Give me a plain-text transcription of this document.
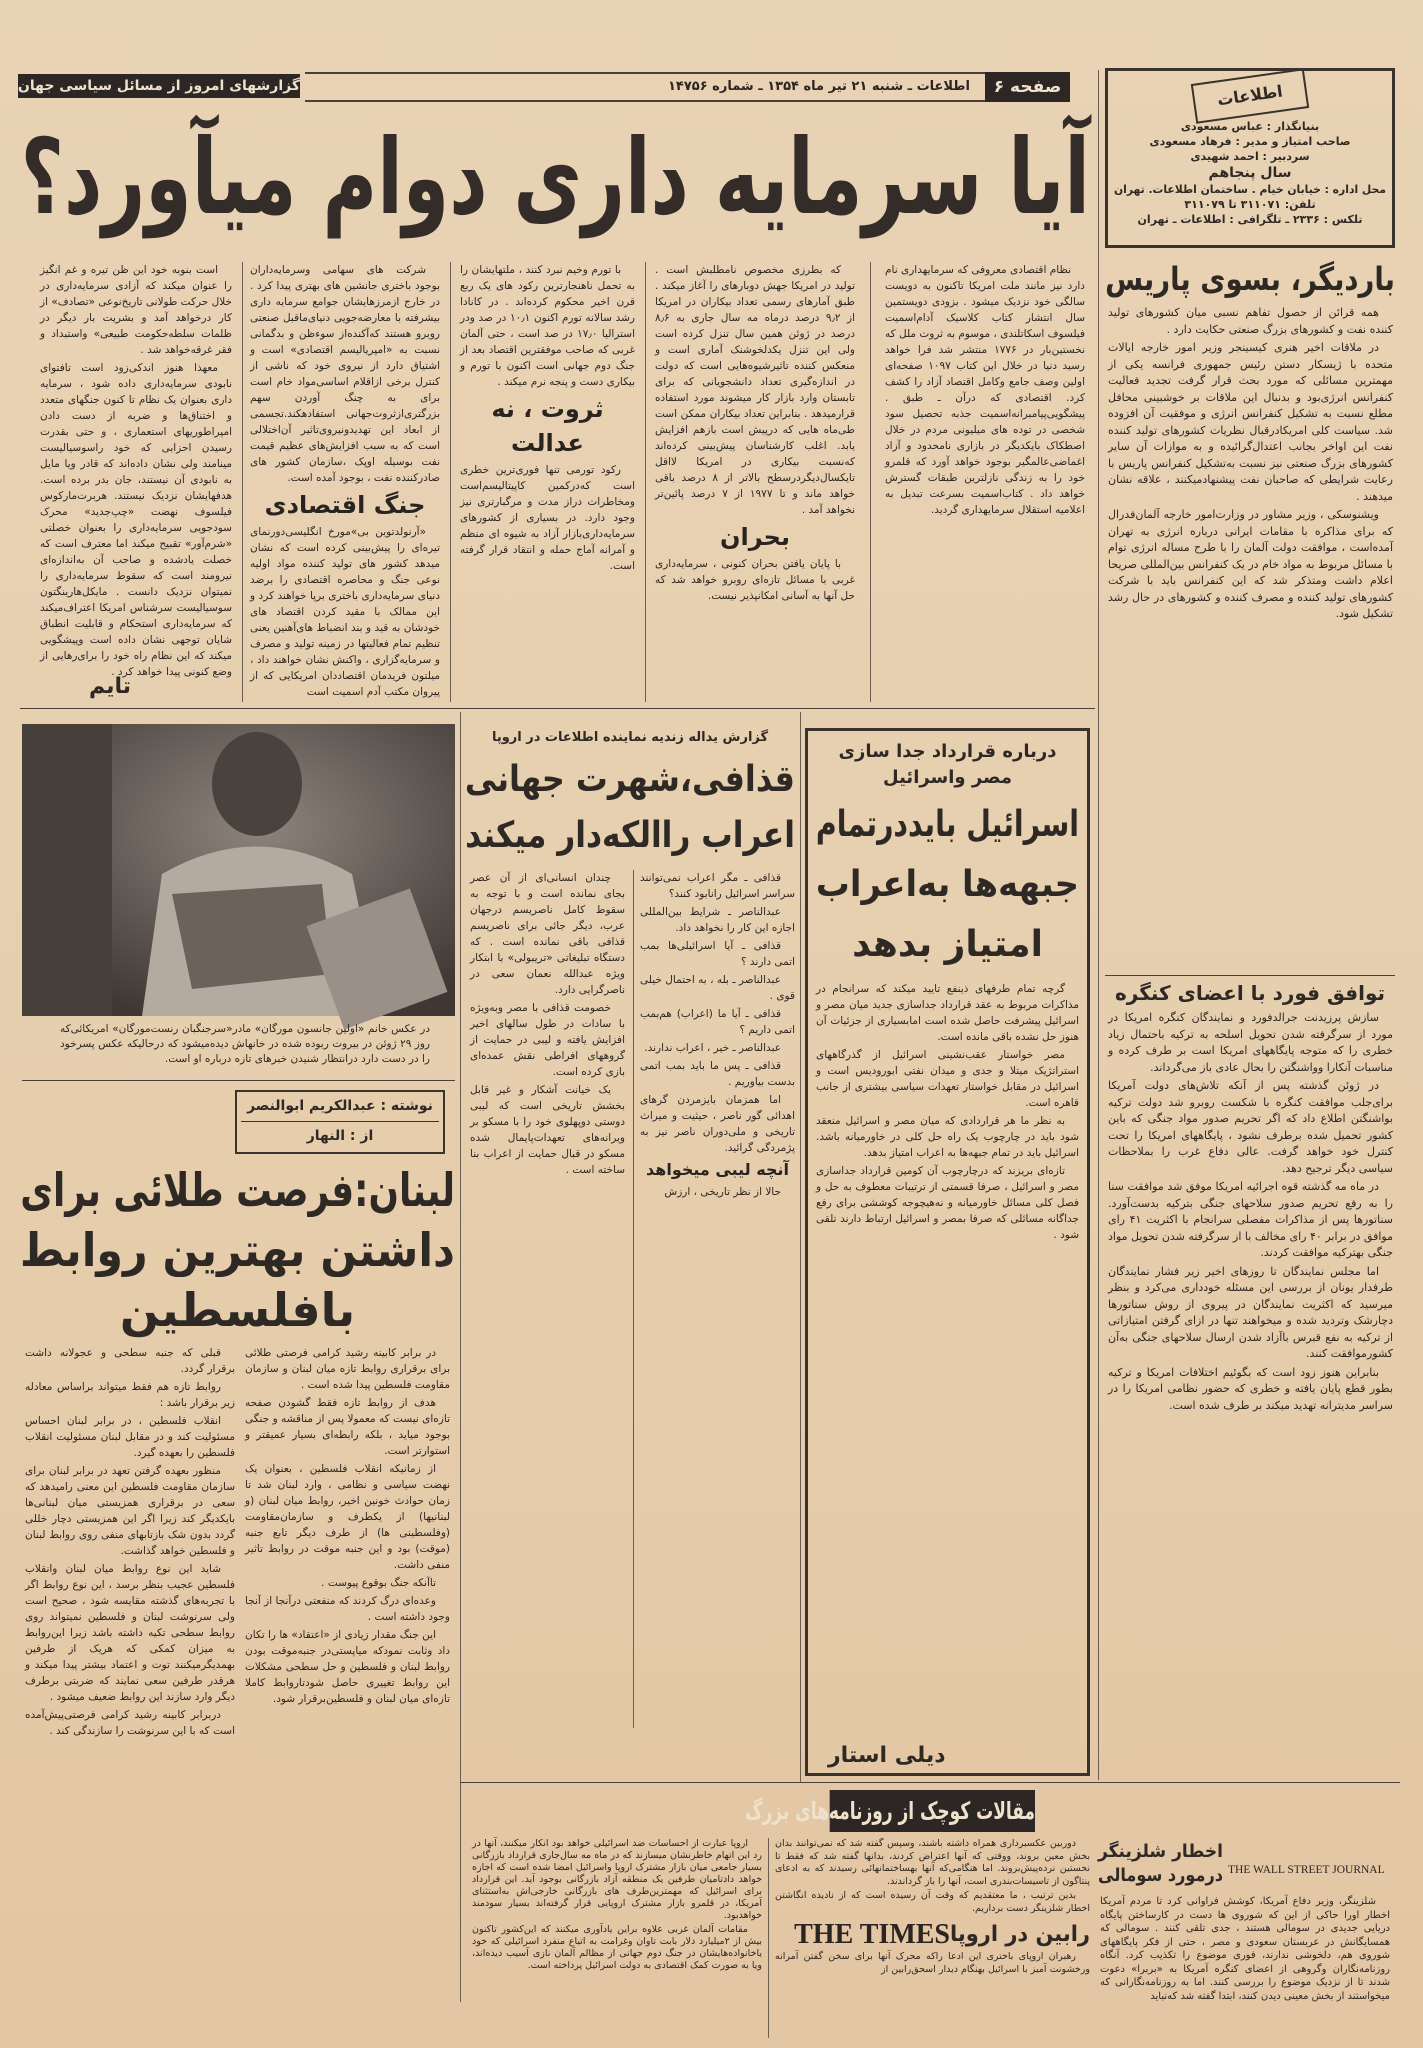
گزارشهای امروز از مسائل سیاسی جهان	اطلاعات ـ شنبه ۲۱ تیر ماه ۱۳۵۴ ـ شماره ۱۴۷۵۶	صفحه ۶	اطلاعات
بنیانگذار : عباس مسعودی
صاحب امتیاز و مدیر : فرهاد مسعودی
سردبیر : احمد شهیدی
سال پنجاهم
محل اداره : خیابان خیام . ساختمان اطلاعات. تهران
تلفن: ۳۱۱۰۷۱ تا ۳۱۱۰۷۹
تلکس : ۲۳۳۶ ـ تلگرافی : اطلاعات ـ تهران
آیا سرمایه داری دوام میآورد؟

نظام اقتصادی معروفی که سرمایهداری نام دارد نیز مانند ملت امریکا تاکنون به دویست سالگی خود نزدیک میشود . بزودی دویستمین سال انتشار کتاب کلاسیک آدام‌اسمیت فیلسوف اسکاتلندی ، موسوم به ثروت ملل که نخستین‌بار در ۱۷۷۶ منتشر شد فرا خواهد رسید دنیا در خلال این کتاب ۱۰۹۷ صفحه‌ای اولین وصف جامع وکامل اقتصاد آزاد را کشف کرد. اقتصادی که درآن ـ طبق . پیشگویی‌پیامبرانه‌اسمیت جذبه تحصیل سود شخصی در توده های میلیونی مردم در خلال اصطکاک بایکدیگر در بازاری نامحدود و آزاد اغماضی‌عالمگیر بوجود خواهد آورد که قلمرو خود را به زندگی نازلترین طبقات گسترش خواهد داد . کتاب‌اسمیت بسرعت تبدیل به اعلامیه استقلال سرمایهداری گردید.

که بطرزی مخصوص نامطلبش است . تولید در امریکا جهش دوبارهای را آغاز میکند . طبق آمارهای رسمی تعداد بیکاران در امریکا از ۹٫۲ درصد درماه مه سال جاری به ۸٫۶ درصد در ژوئن همین سال تنزل کرده است ولی این تنزل یکدلخوشنک آماری است و منعکس کننده تاثیرشیوه‌هایی است که دولت در اندازه‌گیری تعداد دانشجویانی که برای تابستان وارد بازار کار میشوند مورد استفاده قرارمیدهد . بنابراین تعداد بیکاران ممکن است طی‌ماه هایی که درپیش است بازهم افزایش یابد. اغلب کارشناسان پیش‌بینی کرده‌اند که‌نسبت بیکاری در امریکا لااقل تایکسال‌دیگردرسطح بالاتر از ۸ درصد باقی خواهد ماند و تا ۱۹۷۷ از ۷ درصد پائین‌تر نخواهد آمد .

بحران

با پایان یافتن بحران کنونی ، سرمایه‌داری غربی با مسائل تازه‌ای روبرو خواهد شد که حل آنها به آسانی امکانپذیر نیست.

با تورم وخیم نبرد کنند ، ملتهایشان را به تحمل ناهنجارترین رکود های یک ربع قرن اخیر محکوم کرده‌اند . در کانادا رشد سالانه تورم اکنون ۱۰٫۱ در صد ودر استرالیا ۱۷٫۰ در صد است ، حتی آلمان غربی که صاحب موفقترین اقتصاد بعد از جنگ دوم جهانی است اکنون با تورم و بیکاری دست و پنجه نرم میکند .

ثروت ، نه عدالت

رکود تورمی تنها فوری‌ترین خطری است که‌درکمین کاپیتالیسم‌است ومخاطرات دراز مدت و مرگبارتری نیز وجود دارد. در بسیاری از کشورهای سرمایه‌داری‌بازار آزاد به شیوه ای منظم و آمرانه آماج حمله و انتقاد قرار گرفته است.

شرکت های سهامی وسرمایه‌داران بوجود باختری جانشین های بهتری پیدا کرد . در خارج ازمرزهایشان جوامع سرمایه داری بیشرفته با معارضه‌جویی دنیای‌ماقبل صنعتی روبرو هستند که‌آکنده‌از سوء‌ظن و بدگمانی نسبت به «امپریالیسم اقتصادی» است و اشتیاق دارد از نیروی خود که ناشی از کنترل برخی ازاقلام اساسی‌مواد خام است برای به چنگ آوردن سهم بزرگتری‌ازثروت‌جهانی استفادهکند.تجسمی از ابعاد این تهدیدونیروی‌تاثیر آن‌اختلالی است که به سبب افزایش‌های عظیم قیمت نفت بوسیله اوپک ،سازمان کشور های صادرکننده نفت ، بوجود آمده است.

جنگ اقتصادی

«آرنولدتوین بی»مورخ انگلیسی‌دورنمای تیره‌ای را پیش‌بینی کرده است که نشان میدهد کشور های تولید کننده مواد اولیه نوعی جنگ و محاصره اقتصادی را برضد دنیای سرمایه‌داری باختری برپا خواهند کرد و این ممالک با مقید کردن اقتصاد های خودشان به قید و بند انضباط های‌آهنین یعنی تنظیم تمام فعالیتها در زمینه تولید و مصرف و سرمایه‌گزاری ، واکنش نشان خواهند داد ، میلتون فریدمان اقتصاددان امریکایی که از پیروان مکتب آدم اسمیت است

است بنوبه خود این ظن تیره و غم انگیز را عنوان میکند که آزادی سرمایه‌داری در خلال حرکت طولانی تاریخ‌نوعی «تصادف» از کار درخواهد آمد و بشریت بار دیگر در ظلمات سلطه‌حکومت طبیعی» واستبداد و فقر غرقه‌خواهد شد .

معهذا هنوز اندکی‌زود است تافتوای نابودی سرمایه‌داری داده شود ، سرمایه داری بعنوان یک نظام تا کنون جنگهای متعدد و اختناق‌ها و ضربه از دست دادن امپراطوریهای استعماری ، و حتی بقدرت رسیدن احزابی که خود راسوسیالیست مینامند ولی نشان داده‌اند که قادر ویا مایل به نابودی آن نیستند، جان بدر برده است. هدفهایشان نزدیک نیستند. هربرت‌مارکوس فیلسوف نهضت «چپ‌جدید» محرک سودجویی سرمایه‌داری را بعنوان خصلتی «شرم‌آور» تقبیح میکند اما معترف است که خصلت یادشده و صاحب آن به‌اندازه‌ای نیرومند است که سقوط سرمایه‌داری را نمیتوان نزدیک دانست . مایکل‌هارینگتون سوسیالیست سرشناس امریکا اعتراف‌میکند که سرمایه‌داری استحکام و قابلیت انطباق شایان توجهی نشان داده است وپیشگویی میکند که این نظام راه خود را برای‌رهایی از وضع کنونی پیدا خواهد کرد .

تایم
باردیگر، بسوی پاریس

همه قرائن از حصول تفاهم نسبی میان کشورهای تولید کننده نفت و کشورهای بزرگ صنعتی حکایت دارد .

در ملاقات اخیر هنری کیسینجر وزیر امور خارجه ایالات متحده با ژیسکار دستن رئیس جمهوری فرانسه یکی از مهمترین مسائلی که مورد بحث قرار گرفت تجدید فعالیت کنفرانس انرژی‌بود و بدنبال این ملاقات بر خوشبینی محافل مطلع نسبت به تشکیل کنفرانس انرژی و موفقیت آن افزوده شد. سیاست کلی امریکادرقبال نظریات کشورهای تولید کننده نفت این اواخر بجانب اعتدال‌گرائیده و به موازات آن سایر کشورهای بزرگ صنعتی نیز نسبت به‌تشکیل کنفرانس پاریس با رعایت شرایطی که صاحبان نفت پیشنهادمیکنند ، علاقه نشان میدهند .

ویشنوسکی ، وزیر مشاور در وزارت‌امور خارجه آلمان‌فدرال که برای مذاکره با مقامات ایرانی درباره انرژی به تهران آمده‌است ، موافقت دولت آلمان را با طرح مساله انرژی توام با مسائل مربوط به مواد خام در یک کنفرانس بین‌المللی صریحا اعلام داشت ومتذکر شد که این کنفرانس باید با شرکت کشورهای تولید کننده و مصرف کننده و کشورهای در حال رشد تشکیل شود.

توافق فورد با اعضای کنگره

سازش پرزیدنت جرالدفورد و نمایندگان کنگره امریکا در مورد از سرگرفته شدن تحویل اسلحه به ترکیه باحتمال زیاد خطری را که متوجه پایگاههای امریکا است بر طرف کرده و مناسبات آنکارا وواشنگتن را بحال عادی باز می‌گرداند.

در ژوئن گذشته پس از آنکه تلاش‌های دولت آمریکا برای‌جلب موافقت کنگره با شکست روبرو شد دولت ترکیه بواشنگتن اطلاع داد که اگر تحریم صدور مواد جنگی که باین کشور تحمیل شده برطرف نشود ، پایگاههای امریکا را تحت کنترل خود خواهد گرفت. عالی دفاع غرب را بملاحظات سیاسی دیگر ترجیح دهد.

در ماه مه گذشته قوه اجرائیه امریکا موفق شد موافقت سنا را به رفع تحریم صدور سلاحهای جنگی بترکیه بدست‌آورد. سناتورها پس از مذاکرات مفصلی سرانجام با اکثریت ۴۱ رای موافق در برابر ۴۰ رای مخالف با از سرگرفته شدن تحویل مواد جنگی بهترکیه موافقت کردند.

اما مجلس نمایندگان تا روزهای اخیر زیر فشار نمایندگان طرفدار یونان از بررسی این مسئله خودداری می‌کرد و بنظر میرسید که اکثریت نمایندگان در پیروی از روش سناتورها دچارشک وتردید شده و میخواهند تنها در ازای گرفتن امتیازاتی از ترکیه به نفع قبرس باآزاد شدن ارسال سلاحهای جنگی به‌آن کشورموافقت کنند.

بنابراین هنوز زود است که بگوئیم اختلافات امریکا و ترکیه بطور قطع پایان یافته و خطری که حضور نظامی امریکا را در سراسر مدیترانه تهدید میکند بر طرف شده است.

در عکس خانم «اولین جانسون مورگان» مادر«سرجنگبان رنست‌مورگان» امریکائی‌که روز ۲۹ ژوئن در بیروت ربوده شده در خانهاش دیده‌میشود که درحالیکه عکس پسرخود را در دست دارد درانتظار شنیدن خبرهای تازه درباره او است.

نوشته : عبدالکریم ابوالنصر
از : النهار
لبنان:فرصت طلائی برای
داشتن بهترین روابط
بافلسطین

در برابر کابینه رشید کرامی فرصتی طلائی برای برقراری روابط تازه میان لبنان و سازمان مقاومت فلسطین پیدا شده است .

هدف از روابط تازه فقط گشودن صفحه تازه‌ای نیست که معمولا پس از مناقشه و جنگی بوجود میاید ، بلکه رابطه‌ای بسیار عمیقتر و استوارتر است.

از زمانیکه انقلاب فلسطین ، بعنوان یک نهضت سیاسی و نظامی ، وارد لبنان شد تا زمان حوادث خونین اخیر، روابط میان لبنان (و لبنانیها) از یکطرف و سازمان‌مقاومت (وفلسطینی ها) از طرف دیگر تابع جنبه (موقت) بود و این جنبه موقت در روابط تاثیر منفی داشت.

تاآنکه جنگ بوقوع پیوست .

وعده‌ای درگ کردند که منفعتی درآنجا از آنجا وجود داشته است .

این جنگ مقدار زیادی از «اعتقاد» ها را تکان داد وثابت نمودکه میاپستی‌در جنبه‌موقت بودن روابط لبنان و فلسطین و حل سطحی مشکلات این روابط تغییری حاصل شودتاروابط کاملا تازه‌ای میان لبنان و فلسطین‌برقرار شود.

قبلی که جنبه سطحی و عجولانه داشت برقرار گردد.

روابط تازه هم فقط میتواند براساس معادله زیر برقرار باشد :

انقلاب فلسطین ، در برابر لبنان احساس مسئولیت کند و در مقابل لبنان مسئولیت انقلاب فلسطین را بعهده گیرد.

منظور بعهده گرفتن تعهد در برابر لبنان برای سازمان مقاومت فلسطین این معنی رامیدهد که سعی در برقراری همزیستی میان لبنانی‌ها بایکدیگر کند زیرا اگر این همزیستی دچار خللی گردد بدون شک بازتابهای منفی روی روابط لبنان و فلسطین خواهد گذاشت.

شاید این نوع روابط میان لبنان وانقلاب فلسطین عجیب بنظر برسد ، این نوع روابط اگر با تجربه‌های گذشته مقایسه شود ، صحیح است ولی سرنوشت لبنان و فلسطین نمیتواند روی روابط سطحی تکیه داشته باشد زیرا این‌روابط به میزان کمکی که هریک از طرفین بهمدیگرمیکنند توت و اعتماد بیشتر پیدا میکند و هرقدر طرفین سعی نمایند که ضربتی برطرف دیگر وارد سازند این روابط ضعیف میشود .

دربرابر کابینه رشید کرامی فرصتی‌پیش‌آمده است که با این سرنوشت را سازندگی کند .

گزارش یداله زندیه نماینده اطلاعات در اروپا
قذافی،شهرت جهانی
اعراب راالکه‌دار میکند

قذافی ـ مگر اعراب نمی‌توانند سراسر اسرائیل رانابود کنند؟

عبدالناصر ـ شرایط بین‌المللی اجازه این کار را نخواهد داد.

قذافی ـ آیا اسرائیلی‌ها بمب اتمی دارند ؟

عبدالناصر ـ بله ، به احتمال خیلی قوی .

قذافی ـ آیا ما (اعراب) هم‌بمب اتمی داریم ؟

عبدالناصر ـ خیر ، اعراب ندارند.

قذافی ـ پس ما باید بمب اتمی بدست بیاوریم .

اما همزمان بایزمردن گرهای اهدائی گور ناصر ، حیثیت و میراث تاریخی و ملی‌دوران ناصر نیز به پژمردگی گرائید.

آنچه لیبی میخواهد

حالا از نظر تاریخی ، ارزش

چندان انسانی‌ای از آن عصر بجای نمانده است و با توجه به سقوط کامل ناصریسم درجهان عرب، دیگر جائی برای ناصریسم قذافی باقی نمانده است . که دستگاه تبلیغاتی «تریبولی» با ابتکار ویژه عبدالله نعمان سعی در ناصرگرایی دارد.

خصومت قذافی با مصر وبه‌ویژه با سادات در طول سالهای اخیر افزایش یافته و لیبی در حمایت از گروههای افراطی نقش عمده‌ای بازی کرده است.

یک خیانت آشکار و غیر قابل بخشش تاریخی است که لیبی دوستی دوپهلوی خود را با مسکو بر ویرانه‌های تعهدات‌پایمال شده مسکو در قبال حمایت از اعراب بنا ساخته است .

درباره قرارداد جدا سازی
مصر واسرائیل
اسرائیل بایددرتمام
جبهه‌ها به‌اعراب
امتیاز بدهد

گرچه تمام طرفهای ذینفع تایید میکند که سرانجام در مذاکرات مربوط به عقد قرارداد جداسازی جدید میان مصر و اسرائیل پیشرفت حاصل شده است امابسیاری از جزئیات آن هنوز حل نشده باقی مانده است.

مصر خواستار عقب‌نشینی اسرائیل از گذرگاههای استراتژیک میتلا و جدی و میدان نفتی ابورودیس است و اسرائیل در مقابل خواستار تعهدات سیاسی بیشتری از جانب قاهره است.

به نظر ما هر قراردادی که میان مصر و اسرائیل منعقد شود باید در چارچوب یک راه حل کلی در خاورمیانه باشد. اسرائیل باید در تمام جبهه‌ها به اعراب امتیاز بدهد.

تازه‌ای بریزند که درچارچوب آن کومین قرارداد جداسازی مصر و اسرائیل ، صرفا قسمتی از ترتیبات معطوف به حل و فصل کلی مسائل خاورمیانه و نه‌هیچوجه کوششی برای رفع جداگانه مسائلی که صرفا بمصر و اسرائیل ارتباط دارند تلقی شود .

دیلی استار
مقالات کوچک از روزنامه‌های بزرگ

اروپا عبارت از احساسات ضد اسرائیلی خواهد بود انکار میکنند، آنها در رد این اتهام خاطرنشان میسازند که در ماه مه سال‌جاری قرارداد بازرگانی بسیار جامعی میان بازار مشترک اروپا واسرائیل امضا شده است که اجازه خواهد دادتامیان طرفین یک منطقه آزاد بازرگانی بوجود آید. این قرارداد برای اسرائیل که مهمترین‌طرف های بازرگانی خارجی‌اش به‌استثنای آمریکا، در قلمرو بازار مشترک اروپایی قرار گرفته‌اند بسیار سودمند خواهدبود.

مقامات آلمان غربی علاوه براین یادآوری میکنند که این‌کشور تاکنون بیش از ۲میلیارد دلار بابت تاوان وغرامت به اتباع منفرد اسرائیلی که خود یاخانواده‌هایشان در جنگ دوم جهانی از مظالم آلمان نازی آسیب دیده‌اند، ویا به صورت کمک اقتصادی به دولت اسرائیل پرداخته است.

دوربین عکسبرداری همراه داشته باشند، وسپس گفته شد که نمی‌توانند بدان بخش معین بروند، ووقتی که آنها اعتراض کردند، بدانها گفته شد که فقط تا نخستین نرده‌پیش‌بروند. اما هنگامی‌که آنها بهساختمانهائی رسیدند که به ادعای پنتاگون از تاسیسات‌بندری است، آنها را باز گرداندند.

بدین ترتیب ، ما معتقدیم که وقت آن رسیده است که از نادیده انگاشتن اخطار شلزینگر دست برداریم.

رابین در اروپا
THE TIMES

رهبران اروپای باختری این ادعا راکه محرک آنها برای سخن گفتن آمرانه ورخشونت آمیز با اسرائیل بهنگام دیدار اسحق‌رابین از

THE WALL STREET JOURNAL
اخطار شلزینگر
درمورد سومالی

شلزینگر، وزیر دفاع آمریکا، کوشش فراوانی کرد تا مردم آمریکا اخطار اورا حاکی از این که شوروی ها دست در کارساختن پایگاه دریایی جدیدی در سومالی هستند ، جدی تلقی کنند . سومالی که همسایگانش در عربستان سعودی و مصر ، حتی از فکر پایگاههای شوروی هم، دلخوشی ندارند، فوری موضوع را تکذیب کرد. آنگاه روزنامه‌نگاران وگروهی از اعضای کنگره آمریکا به «بربرا» دعوت شدند تا از نزدیک موضوع را بررسی کنند. اما به روزنامه‌نگارانی که میخواستند از بخش معینی دیدن کنند، ابتدا گفته شد که‌نباید
